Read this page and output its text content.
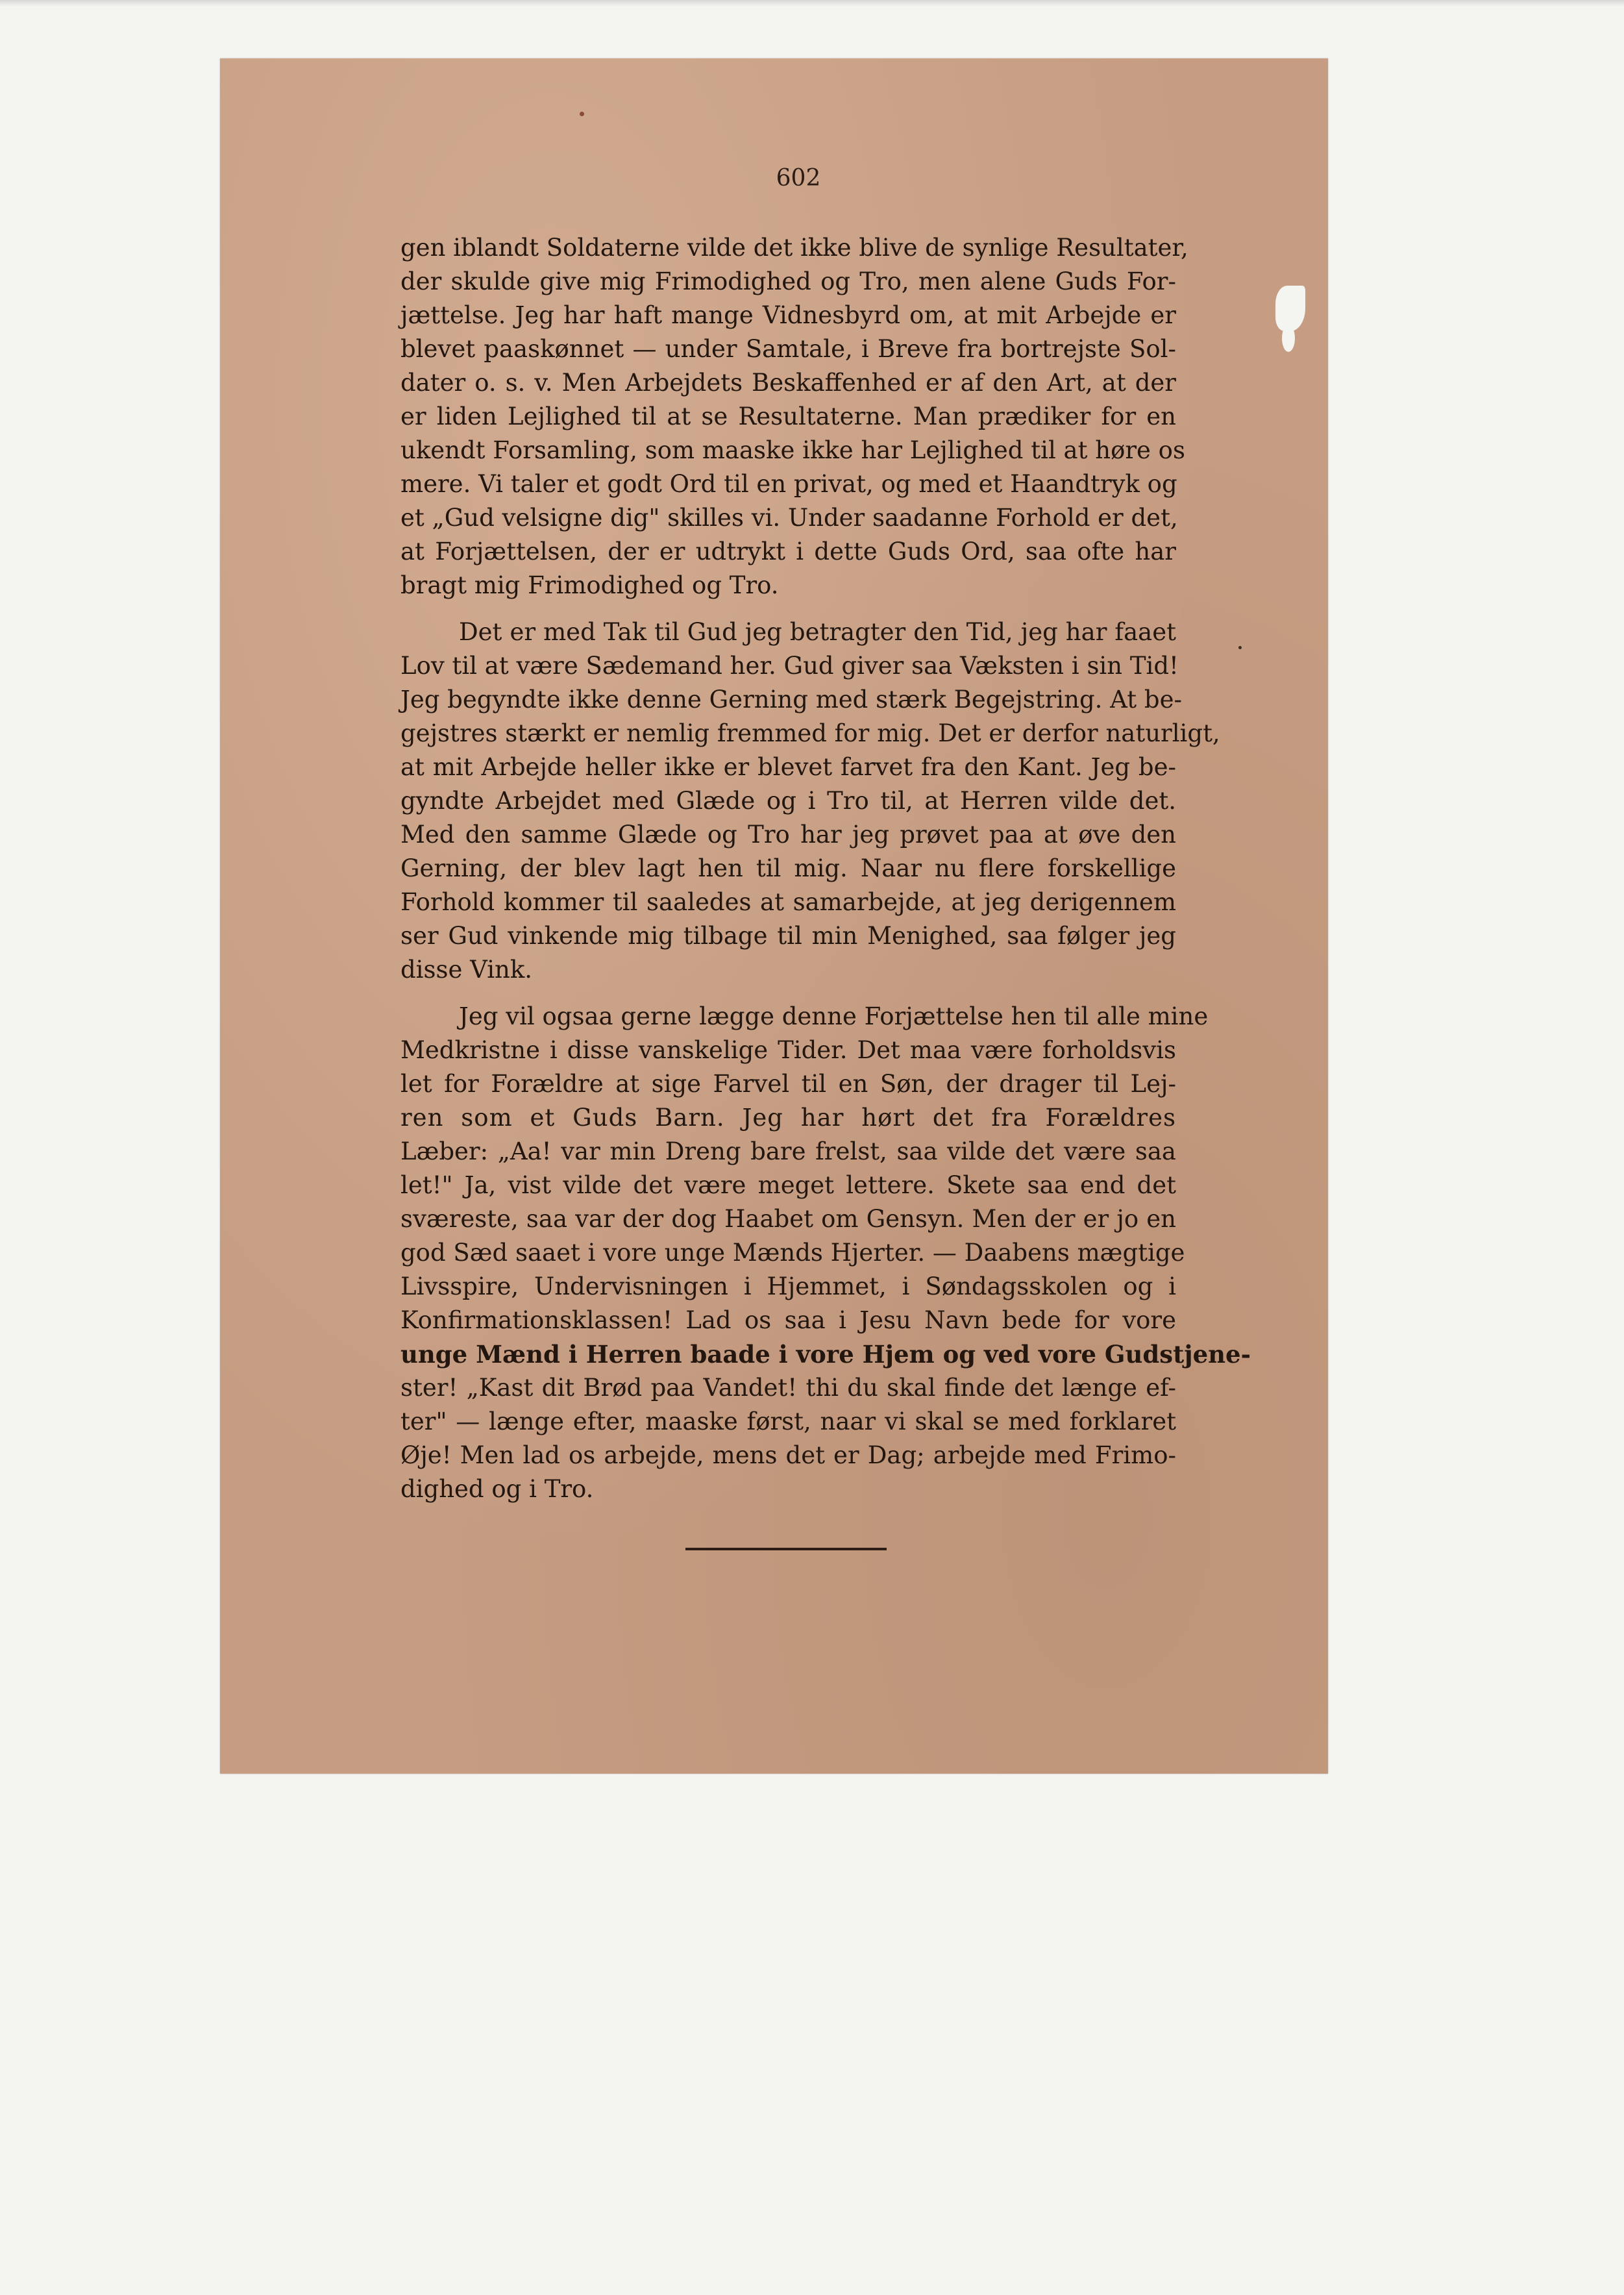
602
gen iblandt Soldaterne vilde det ikke blive de synlige Resultater,
der skulde give mig Frimodighed og Tro, men alene Guds For-
jættelse. Jeg har haft mange Vidnesbyrd om, at mit Arbejde er
blevet paaskønnet — under Samtale, i Breve fra bortrejste Sol-
dater o. s. v. Men Arbejdets Beskaffenhed er af den Art, at der
er liden Lejlighed til at se Resultaterne. Man prædiker for en
ukendt Forsamling, som maaske ikke har Lejlighed til at høre os
mere. Vi taler et godt Ord til en privat, og med et Haandtryk og
et „Gud velsigne dig" skilles vi. Under saadanne Forhold er det,
at Forjættelsen, der er udtrykt i dette Guds Ord, saa ofte har
bragt mig Frimodighed og Tro.
Det er med Tak til Gud jeg betragter den Tid, jeg har faaet
Lov til at være Sædemand her. Gud giver saa Væksten i sin Tid!
Jeg begyndte ikke denne Gerning med stærk Begejstring. At be-
gejstres stærkt er nemlig fremmed for mig. Det er derfor naturligt,
at mit Arbejde heller ikke er blevet farvet fra den Kant. Jeg be-
gyndte Arbejdet med Glæde og i Tro til, at Herren vilde det.
Med den samme Glæde og Tro har jeg prøvet paa at øve den
Gerning, der blev lagt hen til mig. Naar nu flere forskellige
Forhold kommer til saaledes at samarbejde, at jeg derigennem
ser Gud vinkende mig tilbage til min Menighed, saa følger jeg
disse Vink.
Jeg vil ogsaa gerne lægge denne Forjættelse hen til alle mine
Medkristne i disse vanskelige Tider. Det maa være forholdsvis
let for Forældre at sige Farvel til en Søn, der drager til Lej-
ren som et Guds Barn. Jeg har hørt det fra Forældres
Læber: „Aa! var min Dreng bare frelst, saa vilde det være saa
let!" Ja, vist vilde det være meget lettere. Skete saa end det
sværeste, saa var der dog Haabet om Gensyn. Men der er jo en
god Sæd saaet i vore unge Mænds Hjerter. — Daabens mægtige
Livsspire, Undervisningen i Hjemmet, i Søndagsskolen og i
Konfirmationsklassen! Lad os saa i Jesu Navn bede for vore
unge Mænd i Herren baade i vore Hjem og ved vore Gudstjene-
ster! „Kast dit Brød paa Vandet! thi du skal finde det længe ef-
ter" — længe efter, maaske først, naar vi skal se med forklaret
Øje! Men lad os arbejde, mens det er Dag; arbejde med Frimo-
dighed og i Tro.
